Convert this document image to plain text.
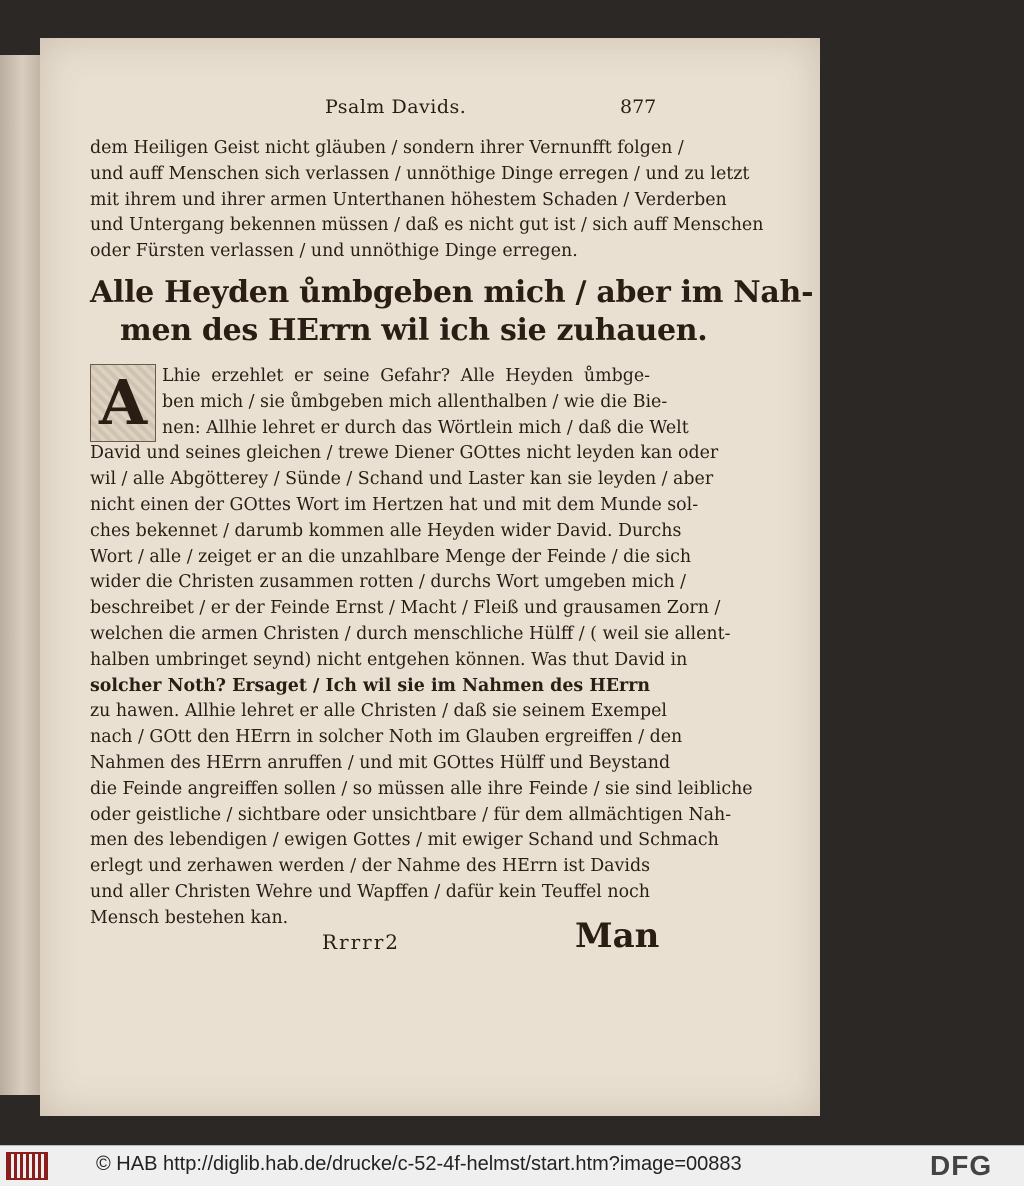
Psalm Davids.	877
dem Heiligen Geist nicht gläuben / sondern ihrer Vernunfft folgen /
und auff Menschen sich verlassen / unnöthige Dinge erregen / und zu letzt
mit ihrem und ihrer armen Unterthanen höhestem Schaden / Verderben
und Untergang bekennen müssen / daß es nicht gut ist / sich auff Menschen
oder Fürsten verlassen / und unnöthige Dinge erregen.
Alle Heyden ůmbgeben mich / aber im Nah-
men des HErrn wil ich sie zuhauen.
A Lhie erzehlet er seine Gefahr? Alle Heyden ůmbge-
ben mich / sie ůmbgeben mich allenthalben / wie die Bie-
nen: Allhie lehret er durch das Wörtlein mich / daß die Welt
David und seines gleichen / trewe Diener GOttes nicht leyden kan oder
wil / alle Abgötterey / Sünde / Schand und Laster kan sie leyden / aber
nicht einen der GOttes Wort im Hertzen hat und mit dem Munde sol-
ches bekennet / darumb kommen alle Heyden wider David. Durchs
Wort / alle / zeiget er an die unzahlbare Menge der Feinde / die sich
wider die Christen zusammen rotten / durchs Wort umgeben mich /
beschreibet / er der Feinde Ernst / Macht / Fleiß und grausamen Zorn /
welchen die armen Christen / durch menschliche Hülff / ( weil sie allent-
halben umbringet seynd) nicht entgehen können. Was thut David in
solcher Noth? Ersaget / Ich wil sie im Nahmen des HErrn
zu hawen. Allhie lehret er alle Christen / daß sie seinem Exempel
nach / GOtt den HErrn in solcher Noth im Glauben ergreiffen / den
Nahmen des HErrn anruffen / und mit GOttes Hülff und Beystand
die Feinde angreiffen sollen / so müssen alle ihre Feinde / sie sind leibliche
oder geistliche / sichtbare oder unsichtbare / für dem allmächtigen Nah-
men des lebendigen / ewigen Gottes / mit ewiger Schand und Schmach
erlegt und zerhawen werden / der Nahme des HErrn ist Davids
und aller Christen Wehre und Wapffen / dafür kein Teuffel noch
Mensch bestehen kan.
Rrrrr2	Man
© HAB http://diglib.hab.de/drucke/c-52-4f-helmst/start.htm?image=00883	DFG
